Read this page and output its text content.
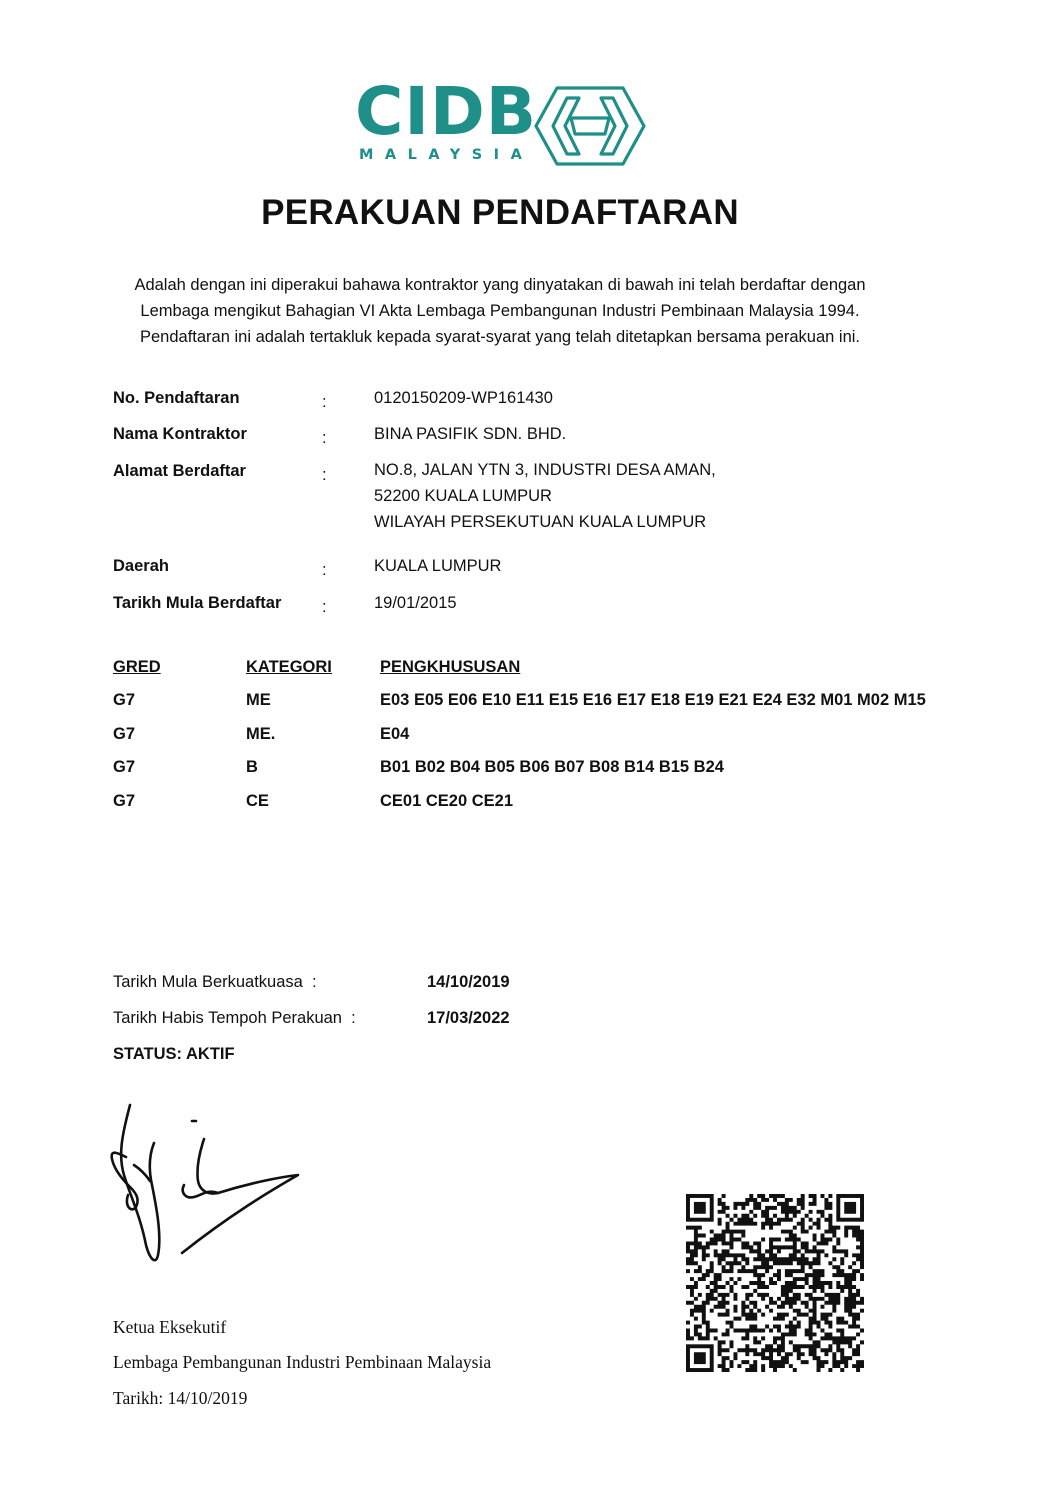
CIDB
MALAYSIA
PERAKUAN PENDAFTARAN
Adalah dengan ini diperakui bahawa kontraktor yang dinyatakan di bawah ini telah berdaftar dengan
Lembaga mengikut Bahagian VI Akta Lembaga Pembangunan Industri Pembinaan Malaysia 1994.
Pendaftaran ini adalah tertakluk kepada syarat-syarat yang telah ditetapkan bersama perakuan ini.
No. Pendaftaran	:	0120150209-WP161430
Nama Kontraktor	:	BINA PASIFIK SDN. BHD.
Alamat Berdaftar	:	NO.8, JALAN YTN 3, INDUSTRI DESA AMAN,
52200 KUALA LUMPUR
WILAYAH PERSEKUTUAN KUALA LUMPUR
Daerah	:	KUALA LUMPUR
Tarikh Mula Berdaftar :	19/01/2015
GRED	KATEGORI	PENGKHUSUSAN
G7	ME	E03 E05 E06 E10 E11 E15 E16 E17 E18 E19 E21 E24 E32 M01 M02 M15
G7	ME.	E04
G7	B	B01 B02 B04 B05 B06 B07 B08 B14 B15 B24
G7	CE	CE01 CE20 CE21
Tarikh Mula Berkuatkuasa  :	14/10/2019
Tarikh Habis Tempoh Perakuan  :	17/03/2022
STATUS: AKTIF
Ketua Eksekutif
Lembaga Pembangunan Industri Pembinaan Malaysia
Tarikh: 14/10/2019
